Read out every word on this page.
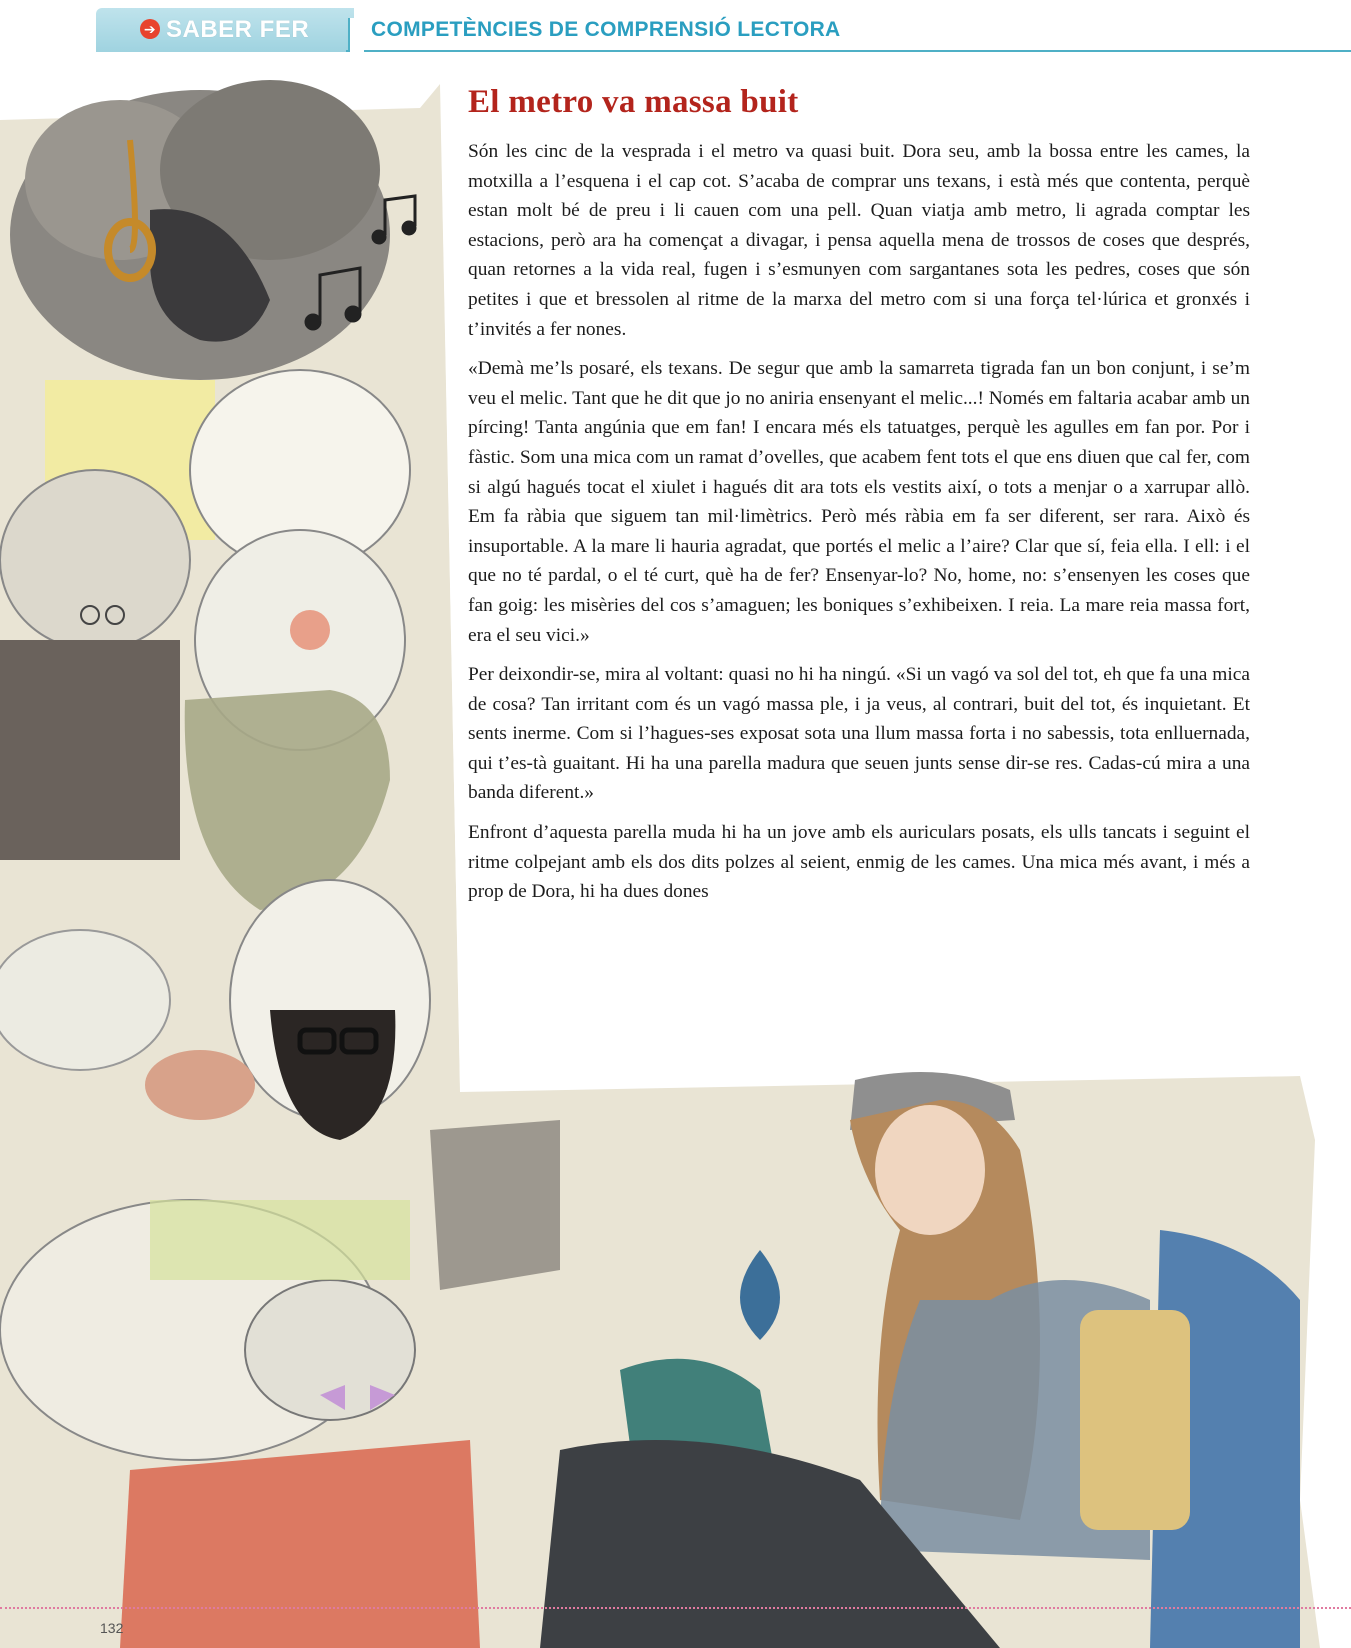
➔ SABER FER	COMPETÈNCIES DE COMPRENSIÓ LECTORA
El metro va massa buit

Són les cinc de la vesprada i el metro va quasi buit. Dora seu, amb la bossa entre les cames, la motxilla a l’esquena i el cap cot. S’acaba de comprar uns texans, i està més que contenta, perquè estan molt bé de preu i li cauen com una pell. Quan viatja amb metro, li agrada comptar les estacions, però ara ha començat a divagar, i pensa aquella mena de trossos de coses que després, quan retornes a la vida real, fugen i s’esmunyen com sargantanes sota les pedres, coses que són petites i que et bressolen al ritme de la marxa del metro com si una força tel·lúrica et gronxés i t’invités a fer nones.

«Demà me’ls posaré, els texans. De segur que amb la samarreta tigrada fan un bon conjunt, i se’m veu el melic. Tant que he dit que jo no aniria ensenyant el melic...! Només em faltaria acabar amb un pírcing! Tanta angúnia que em fan! I encara més els tatuatges, perquè les agulles em fan por. Por i fàstic. Som una mica com un ramat d’ovelles, que acabem fent tots el que ens diuen que cal fer, com si algú hagués tocat el xiulet i hagués dit ara tots els vestits així, o tots a menjar o a xarrupar allò. Em fa ràbia que siguem tan mil·limètrics. Però més ràbia em fa ser diferent, ser rara. Això és insuportable. A la mare li hauria agradat, que portés el melic a l’aire? Clar que sí, feia ella. I ell: i el que no té pardal, o el té curt, què ha de fer? Ensenyar-lo? No, home, no: s’ensenyen les coses que fan goig: les misèries del cos s’amaguen; les boniques s’exhibeixen. I reia. La mare reia massa fort, era el seu vici.»

Per deixondir-se, mira al voltant: quasi no hi ha ningú. «Si un vagó va sol del tot, eh que fa una mica de cosa? Tan irritant com és un vagó massa ple, i ja veus, al contrari, buit del tot, és inquietant. Et sents inerme. Com si l’hagues-ses exposat sota una llum massa forta i no sabessis, tota enlluernada, qui t’es-tà guaitant. Hi ha una parella madura que seuen junts sense dir-se res. Cadas-cú mira a una banda diferent.»

Enfront d’aquesta parella muda hi ha un jove amb els auriculars posats, els ulls tancats i seguint el ritme colpejant amb els dos dits polzes al seient, enmig de les cames. Una mica més avant, i més a prop de Dora, hi ha dues dones

132
